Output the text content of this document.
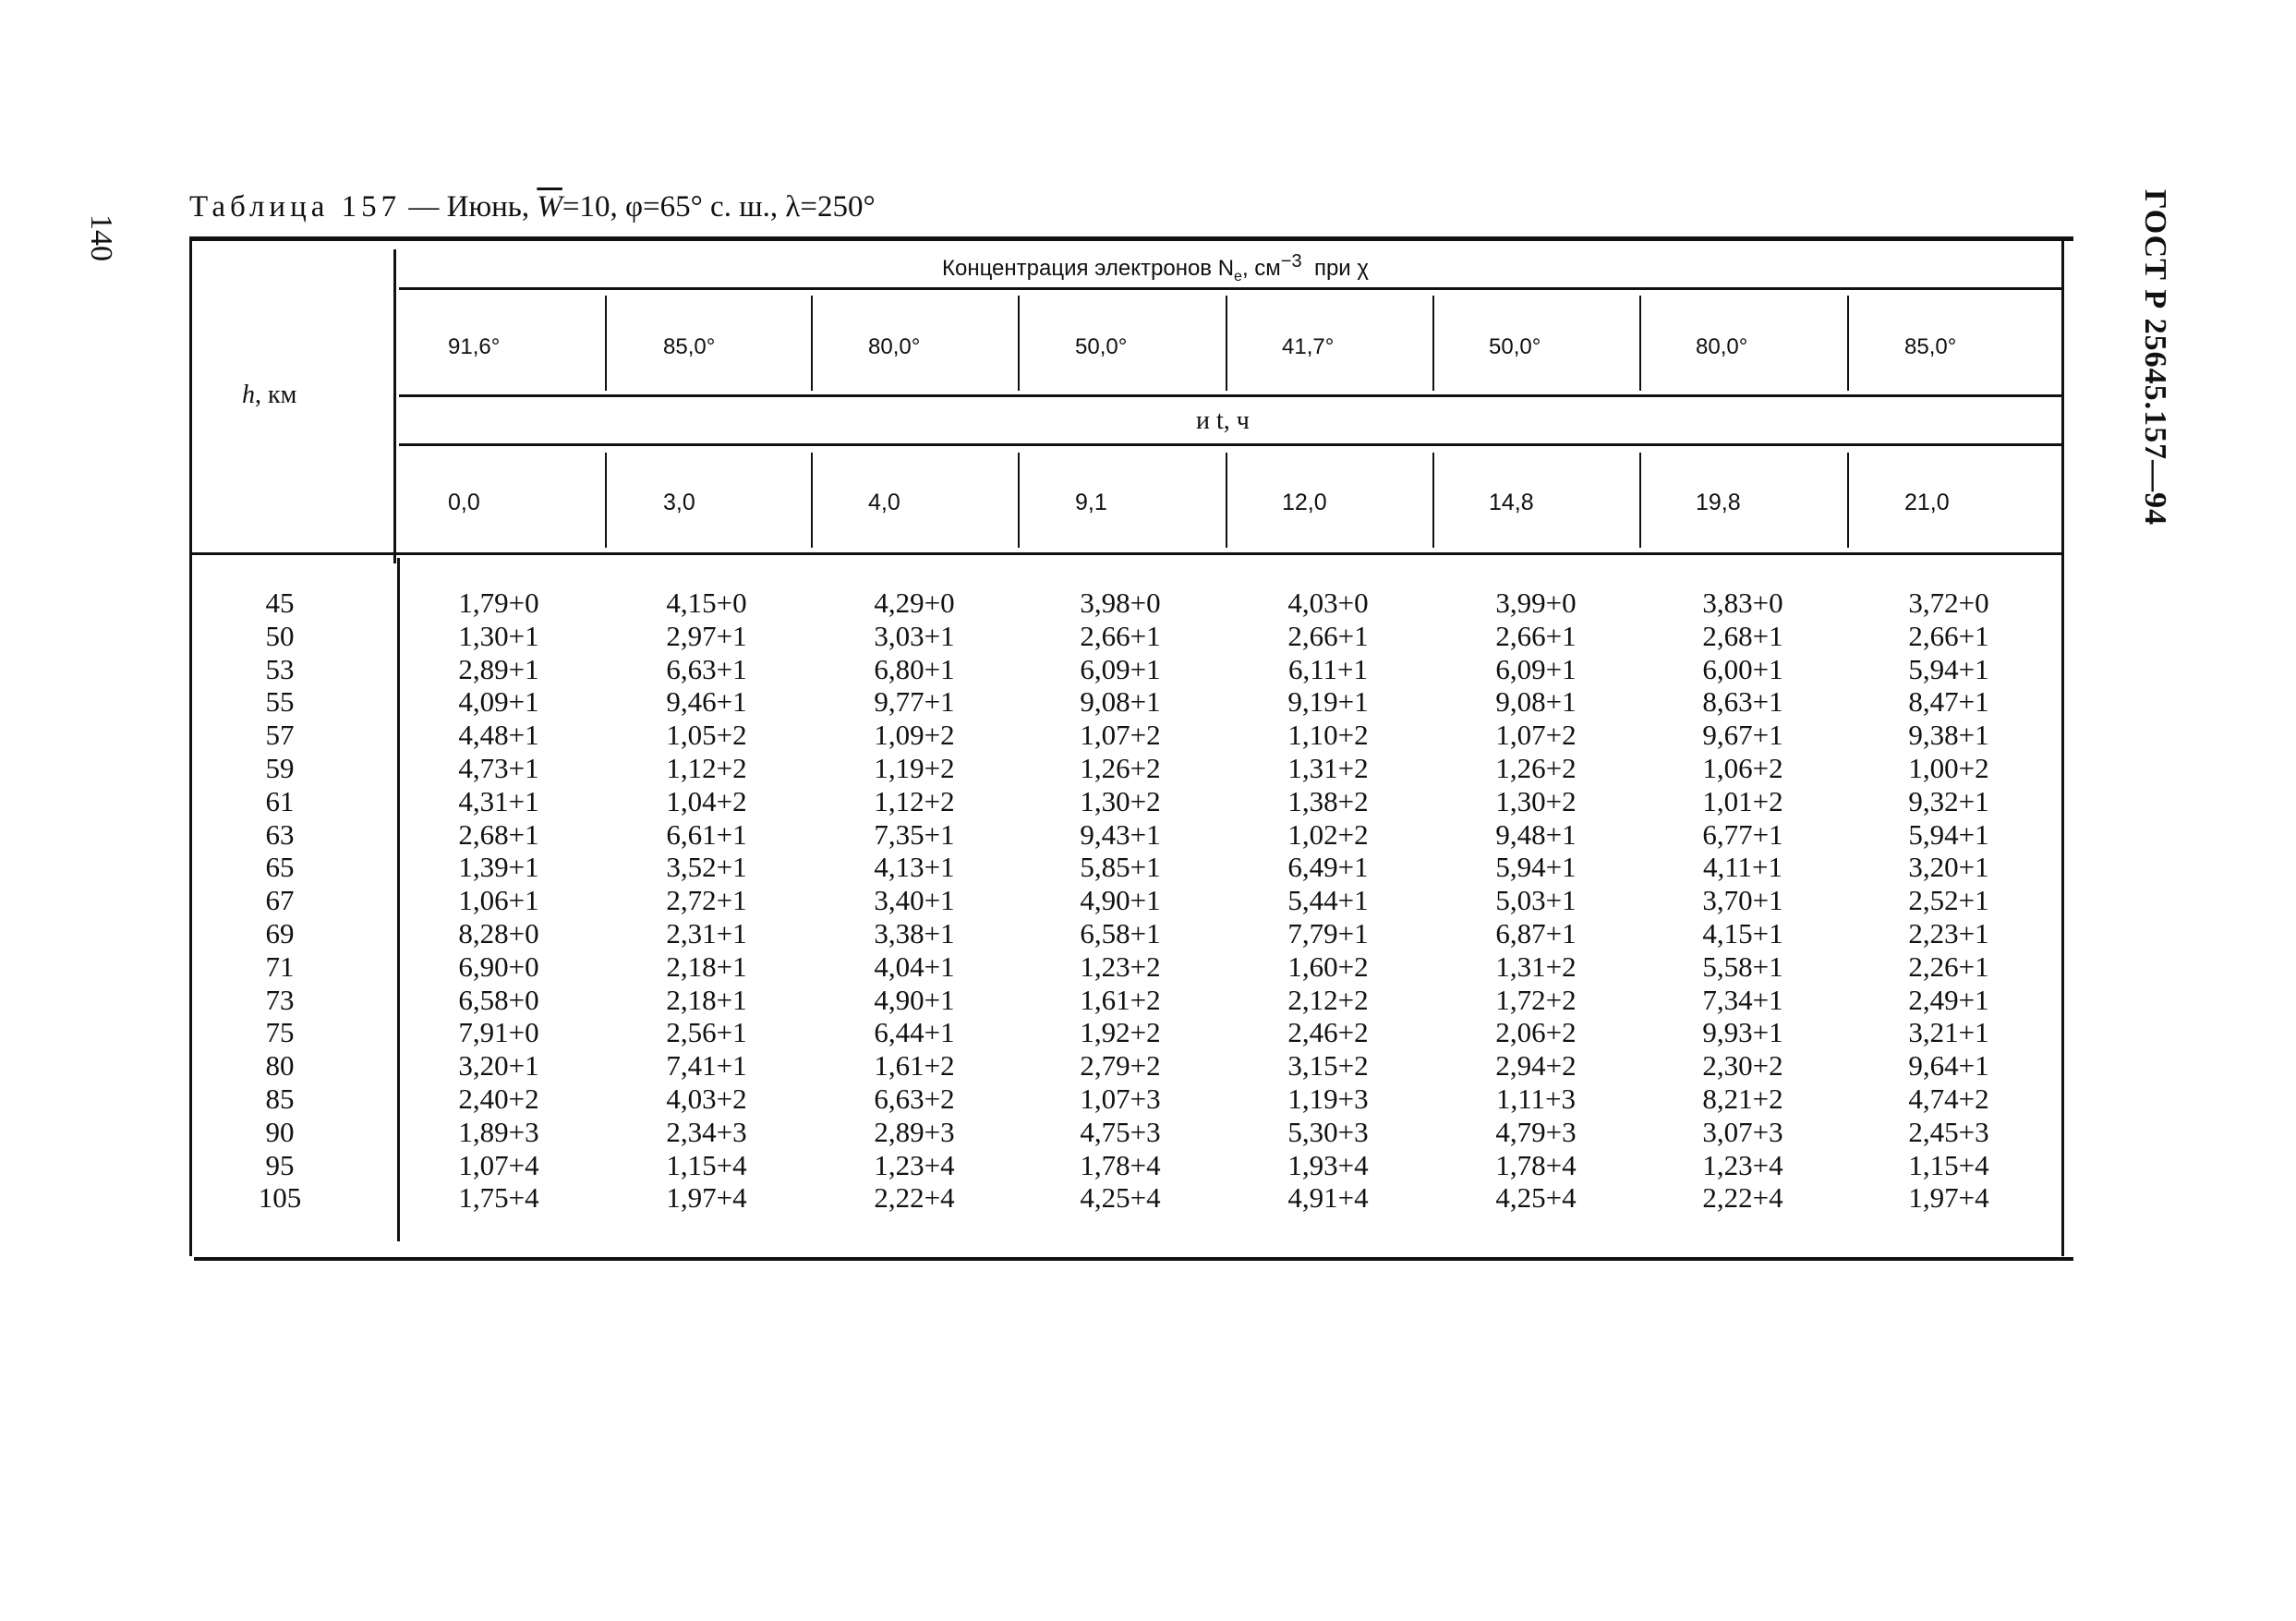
140	ГОСТ Р 25645.157—94
Таблица 157 — Июнь, $\overline{W}=10$, φ=65° с. ш., λ=250°
h, км
Концентрация электронов $N_e$, $см^{-3}$ при χ
и t, ч
91,6°	85,0°	80,0°	50,0°	41,7°	50,0°	80,0°	85,0°
0,0	3,0	4,0	9,1	12,0	14,8	19,8	21,0
45	1,79+0	4,15+0	4,29+0	3,98+0	4,03+0	3,99+0	3,83+0	3,72+0
50	1,30+1	2,97+1	3,03+1	2,66+1	2,66+1	2,66+1	2,68+1	2,66+1
53	2,89+1	6,63+1	6,80+1	6,09+1	6,11+1	6,09+1	6,00+1	5,94+1
55	4,09+1	9,46+1	9,77+1	9,08+1	9,19+1	9,08+1	8,63+1	8,47+1
57	4,48+1	1,05+2	1,09+2	1,07+2	1,10+2	1,07+2	9,67+1	9,38+1
59	4,73+1	1,12+2	1,19+2	1,26+2	1,31+2	1,26+2	1,06+2	1,00+2
61	4,31+1	1,04+2	1,12+2	1,30+2	1,38+2	1,30+2	1,01+2	9,32+1
63	2,68+1	6,61+1	7,35+1	9,43+1	1,02+2	9,48+1	6,77+1	5,94+1
65	1,39+1	3,52+1	4,13+1	5,85+1	6,49+1	5,94+1	4,11+1	3,20+1
67	1,06+1	2,72+1	3,40+1	4,90+1	5,44+1	5,03+1	3,70+1	2,52+1
69	8,28+0	2,31+1	3,38+1	6,58+1	7,79+1	6,87+1	4,15+1	2,23+1
71	6,90+0	2,18+1	4,04+1	1,23+2	1,60+2	1,31+2	5,58+1	2,26+1
73	6,58+0	2,18+1	4,90+1	1,61+2	2,12+2	1,72+2	7,34+1	2,49+1
75	7,91+0	2,56+1	6,44+1	1,92+2	2,46+2	2,06+2	9,93+1	3,21+1
80	3,20+1	7,41+1	1,61+2	2,79+2	3,15+2	2,94+2	2,30+2	9,64+1
85	2,40+2	4,03+2	6,63+2	1,07+3	1,19+3	1,11+3	8,21+2	4,74+2
90	1,89+3	2,34+3	2,89+3	4,75+3	5,30+3	4,79+3	3,07+3	2,45+3
95	1,07+4	1,15+4	1,23+4	1,78+4	1,93+4	1,78+4	1,23+4	1,15+4
105	1,75+4	1,97+4	2,22+4	4,25+4	4,91+4	4,25+4	2,22+4	1,97+4
